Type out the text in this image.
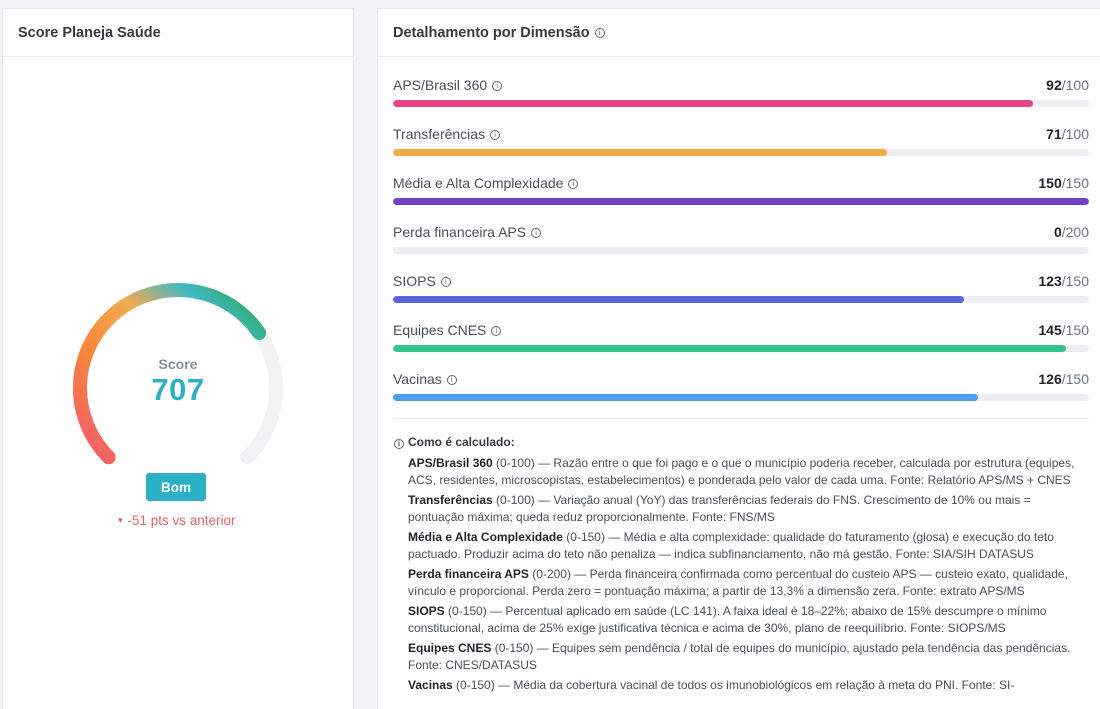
Score Planeja Saúde
Score
707
Bom
▼ -51 pts vs anterior
Detalhamento por Dimensão	i
APS/Brasil 360 i	92/100
Transferências i	71/100
Média e Alta Complexidade i	150/150
Perda financeira APS i	0/200
SIOPS i	123/150
Equipes CNES i	145/150
Vacinas i	126/150
i Como é calculado:
APS/Brasil 360 (0-100) — Razão entre o que foi pago e o que o município poderia receber, calculada por estrutura (equipes, ACS, residentes, microscopistas, estabelecimentos) e ponderada pelo valor de cada uma. Fonte: Relatório APS/MS + CNES
Transferências (0-100) — Variação anual (YoY) das transferências federais do FNS. Crescimento de 10% ou mais = pontuação máxima; queda reduz proporcionalmente. Fonte: FNS/MS
Média e Alta Complexidade (0-150) — Média e alta complexidade: qualidade do faturamento (glosa) e execução do teto pactuado. Produzir acima do teto não penaliza — indica subfinanciamento, não má gestão. Fonte: SIA/SIH DATASUS
Perda financeira APS (0-200) — Perda financeira confirmada como percentual do custeio APS — custeio exato, qualidade, vínculo e proporcional. Perda zero = pontuação máxima; a partir de 13,3% a dimensão zera. Fonte: extrato APS/MS
SIOPS (0-150) — Percentual aplicado em saúde (LC 141). A faixa ideal é 18–22%; abaixo de 15% descumpre o mínimo constitucional, acima de 25% exige justificativa técnica e acima de 30%, plano de reequilíbrio. Fonte: SIOPS/MS
Equipes CNES (0-150) — Equipes sem pendência / total de equipes do município, ajustado pela tendência das pendências. Fonte: CNES/DATASUS
Vacinas (0-150) — Média da cobertura vacinal de todos os imunobiológicos em relação à meta do PNI. Fonte: SI-
